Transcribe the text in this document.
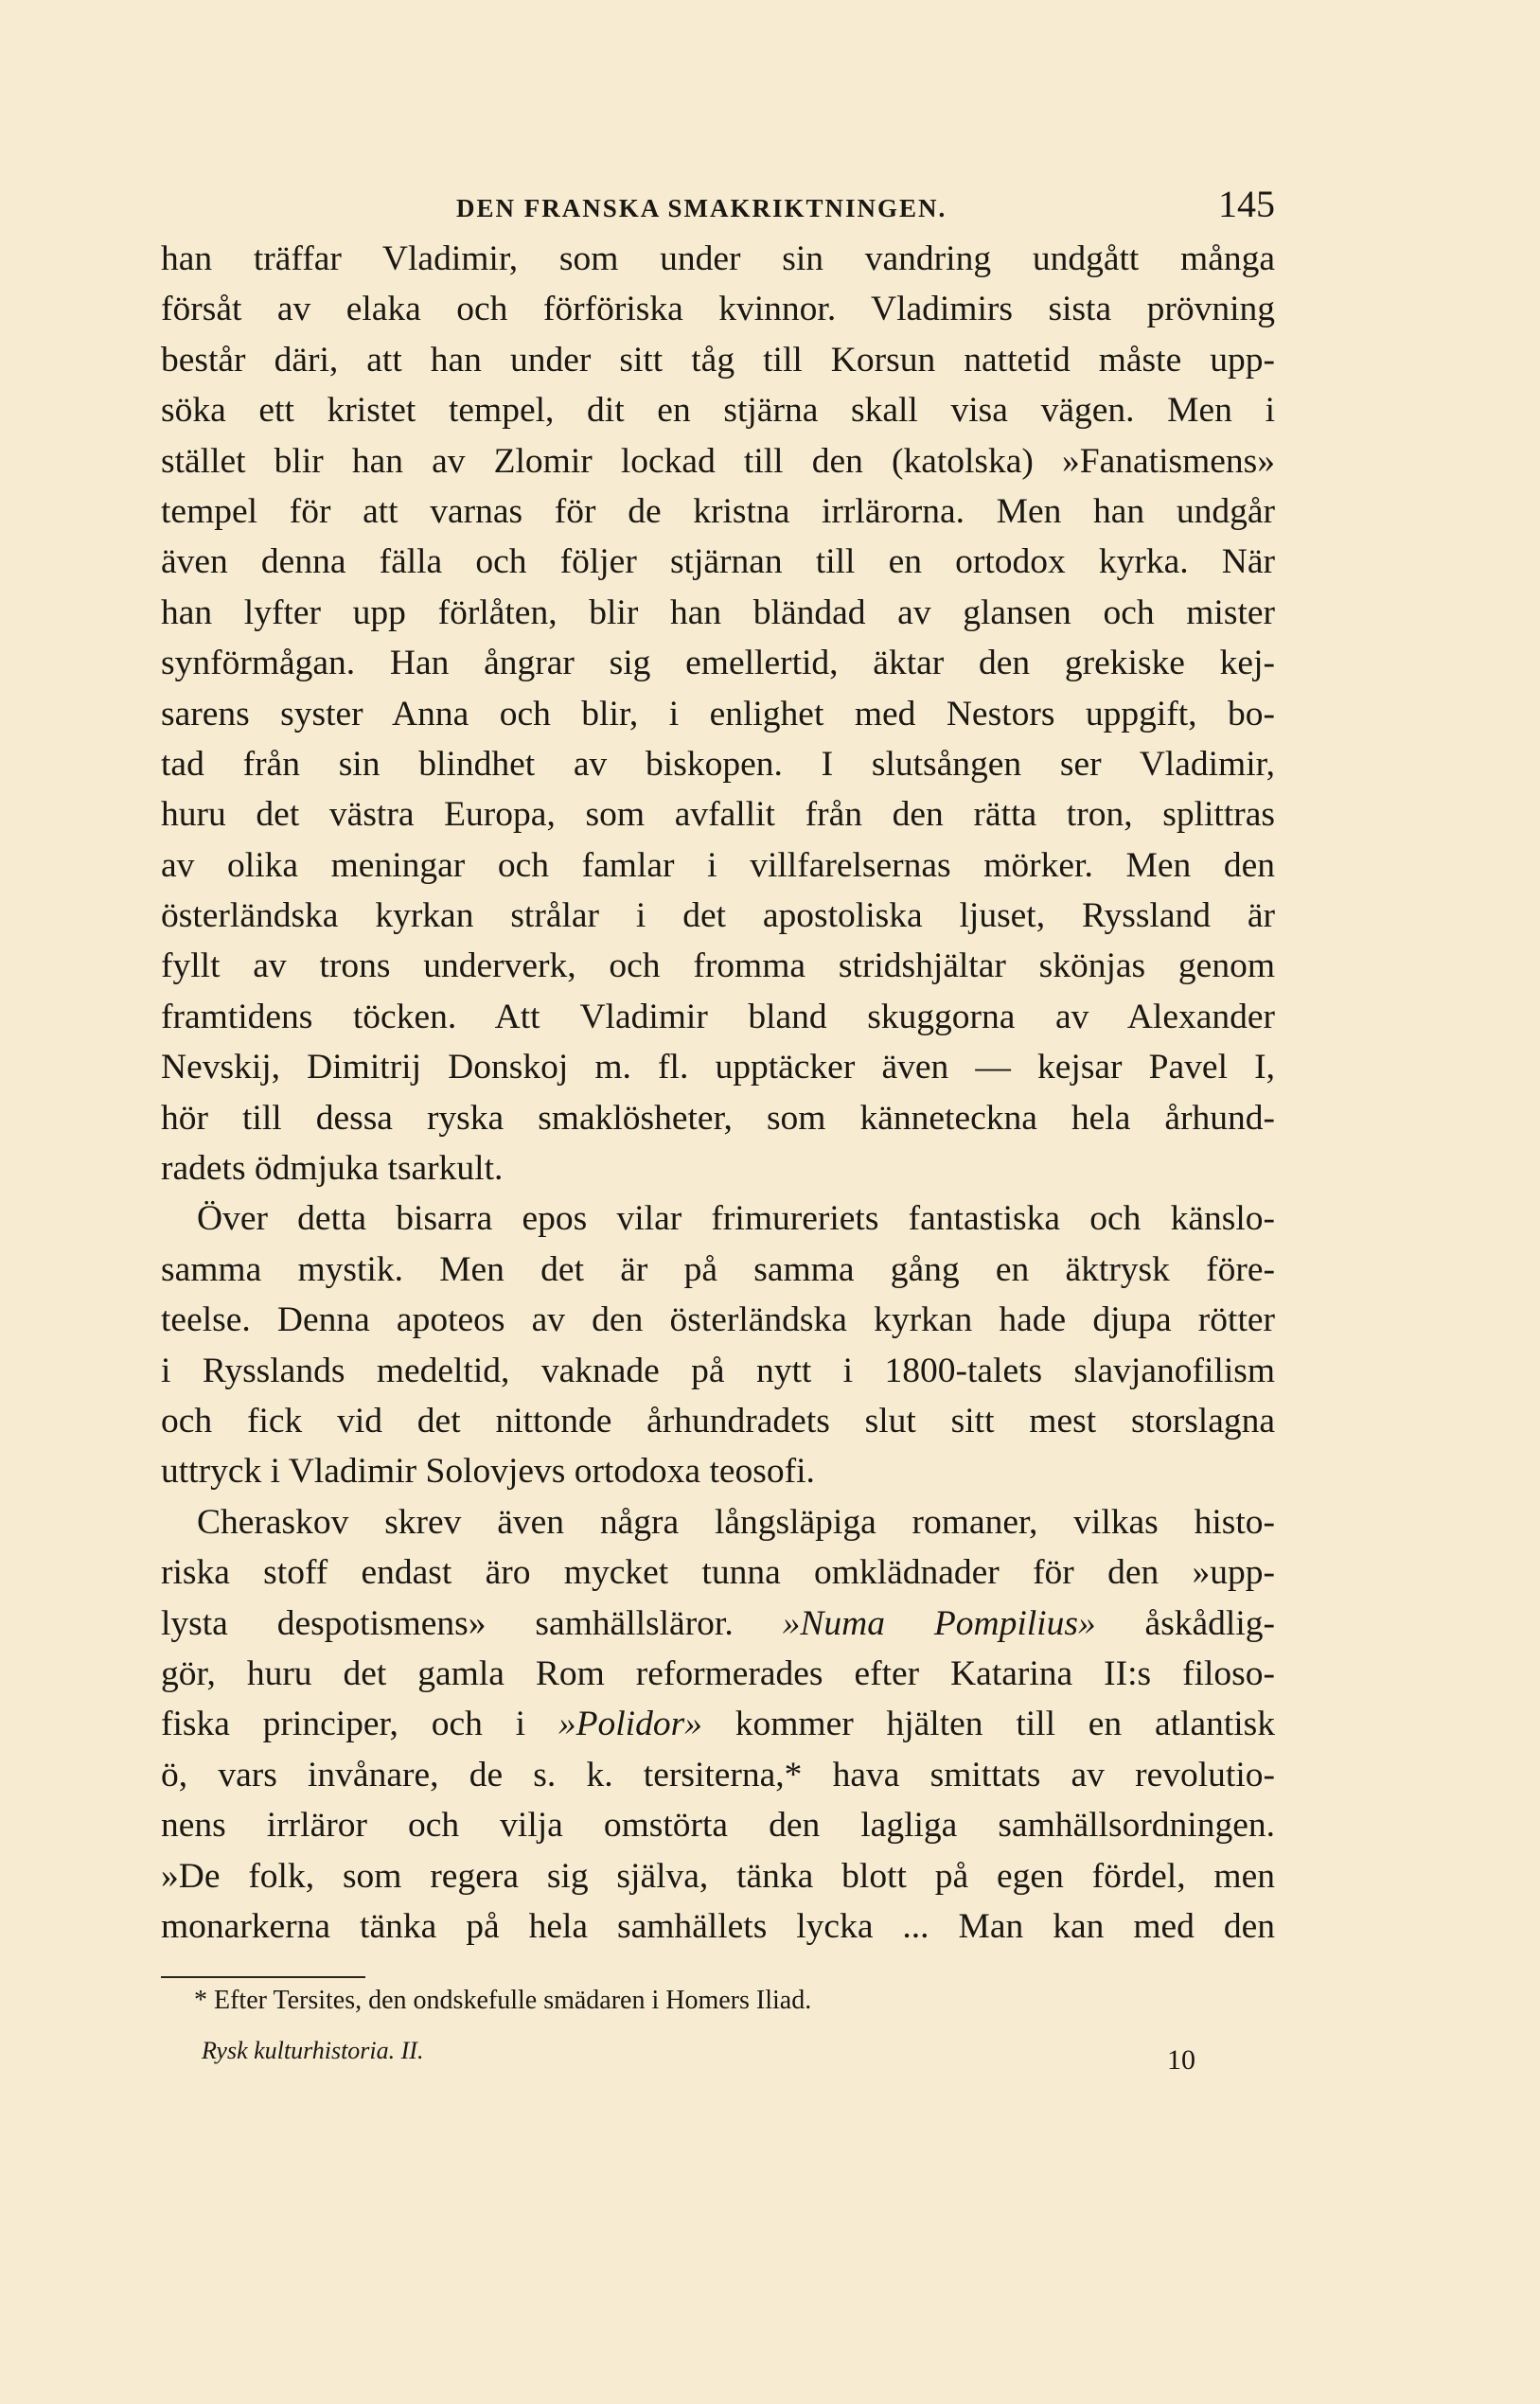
DEN FRANSKA SMAKRIKTNINGEN.	145
han träffar Vladimir, som under sin vandring undgått många
försåt av elaka och förföriska kvinnor. Vladimirs sista prövning
består däri, att han under sitt tåg till Korsun nattetid måste upp-
söka ett kristet tempel, dit en stjärna skall visa vägen. Men i
stället blir han av Zlomir lockad till den (katolska) »Fanatismens»
tempel för att varnas för de kristna irrlärorna. Men han undgår
även denna fälla och följer stjärnan till en ortodox kyrka. När
han lyfter upp förlåten, blir han bländad av glansen och mister
synförmågan. Han ångrar sig emellertid, äktar den grekiske kej-
sarens syster Anna och blir, i enlighet med Nestors uppgift, bo-
tad från sin blindhet av biskopen. I slutsången ser Vladimir,
huru det västra Europa, som avfallit från den rätta tron, splittras
av olika meningar och famlar i villfarelsernas mörker. Men den
österländska kyrkan strålar i det apostoliska ljuset, Ryssland är
fyllt av trons underverk, och fromma stridshjältar skönjas genom
framtidens töcken. Att Vladimir bland skuggorna av Alexander
Nevskij, Dimitrij Donskoj m. fl. upptäcker även — kejsar Pavel I,
hör till dessa ryska smaklösheter, som känneteckna hela århund-
radets ödmjuka tsarkult.
Över detta bisarra epos vilar frimureriets fantastiska och känslo-
samma mystik. Men det är på samma gång en äktrysk före-
teelse. Denna apoteos av den österländska kyrkan hade djupa rötter
i Rysslands medeltid, vaknade på nytt i 1800-talets slavjanofilism
och fick vid det nittonde århundradets slut sitt mest storslagna
uttryck i Vladimir Solovjevs ortodoxa teosofi.
Cheraskov skrev även några långsläpiga romaner, vilkas histo-
riska stoff endast äro mycket tunna omklädnader för den »upp-
lysta despotismens» samhällsläror. »Numa Pompilius» åskådlig-
gör, huru det gamla Rom reformerades efter Katarina II:s filoso-
fiska principer, och i »Polidor» kommer hjälten till en atlantisk
ö, vars invånare, de s. k. tersiterna,* hava smittats av revolutio-
nens irrläror och vilja omstörta den lagliga samhällsordningen.
»De folk, som regera sig själva, tänka blott på egen fördel, men
monarkerna tänka på hela samhällets lycka ... Man kan med den
* Efter Tersites, den ondskefulle smädaren i Homers Iliad.
Rysk kulturhistoria. II.	10
